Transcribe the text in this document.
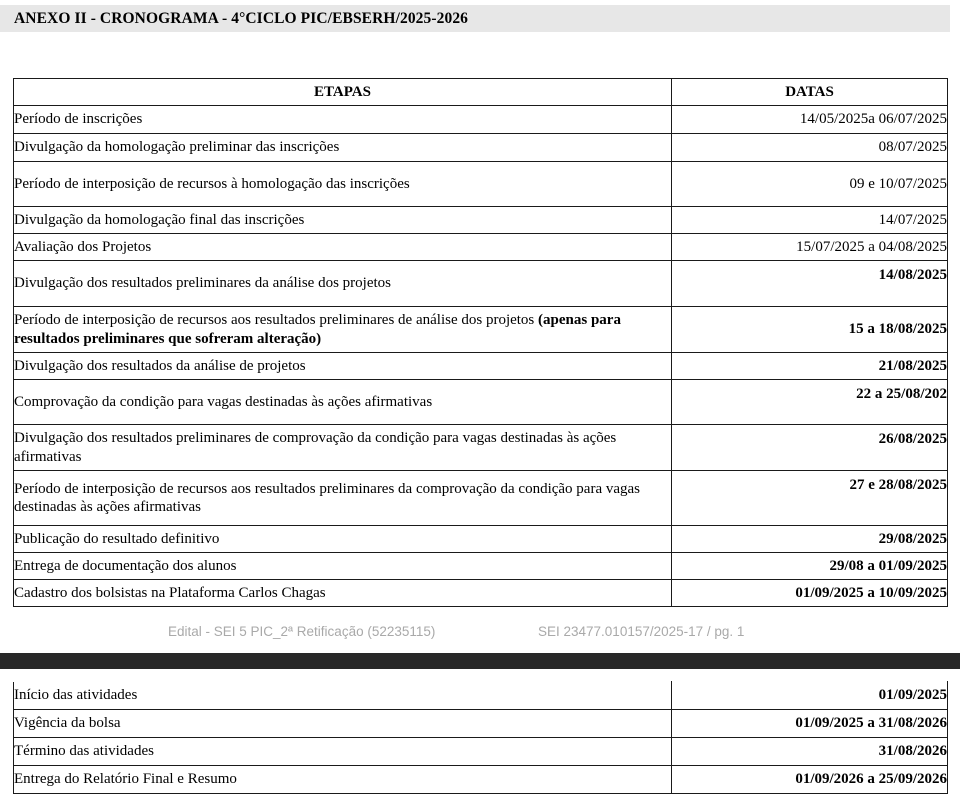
ANEXO II - CRONOGRAMA - 4°CICLO PIC/EBSERH/2025-2026
ETAPAS	DATAS
Período de inscrições	14/05/2025a 06/07/2025
Divulgação da homologação preliminar das inscrições	08/07/2025
Período de interposição de recursos à homologação das inscrições	09 e 10/07/2025
Divulgação da homologação final das inscrições	14/07/2025
Avaliação dos Projetos	15/07/2025 a 04/08/2025
Divulgação dos resultados preliminares da análise dos projetos	14/08/2025
Período de interposição de recursos aos resultados preliminares de análise dos projetos (apenas para resultados preliminares que sofreram alteração)	15 a 18/08/2025
Divulgação dos resultados da análise de projetos	21/08/2025
Comprovação da condição para vagas destinadas às ações afirmativas	22 a 25/08/202
Divulgação dos resultados preliminares de comprovação da condição para vagas destinadas às ações afirmativas	26/08/2025
Período de interposição de recursos aos resultados preliminares da comprovação da condição para vagas destinadas às ações afirmativas	27 e 28/08/2025
Publicação do resultado definitivo	29/08/2025
Entrega de documentação dos alunos	29/08 a 01/09/2025
Cadastro dos bolsistas na Plataforma Carlos Chagas	01/09/2025 a 10/09/2025
Edital - SEI 5 PIC_2ª Retificação (52235115)	SEI 23477.010157/2025-17 / pg. 1
Início das atividades	01/09/2025
Vigência da bolsa	01/09/2025 a 31/08/2026
Término das atividades	31/08/2026
Entrega do Relatório Final e Resumo	01/09/2026 a 25/09/2026
